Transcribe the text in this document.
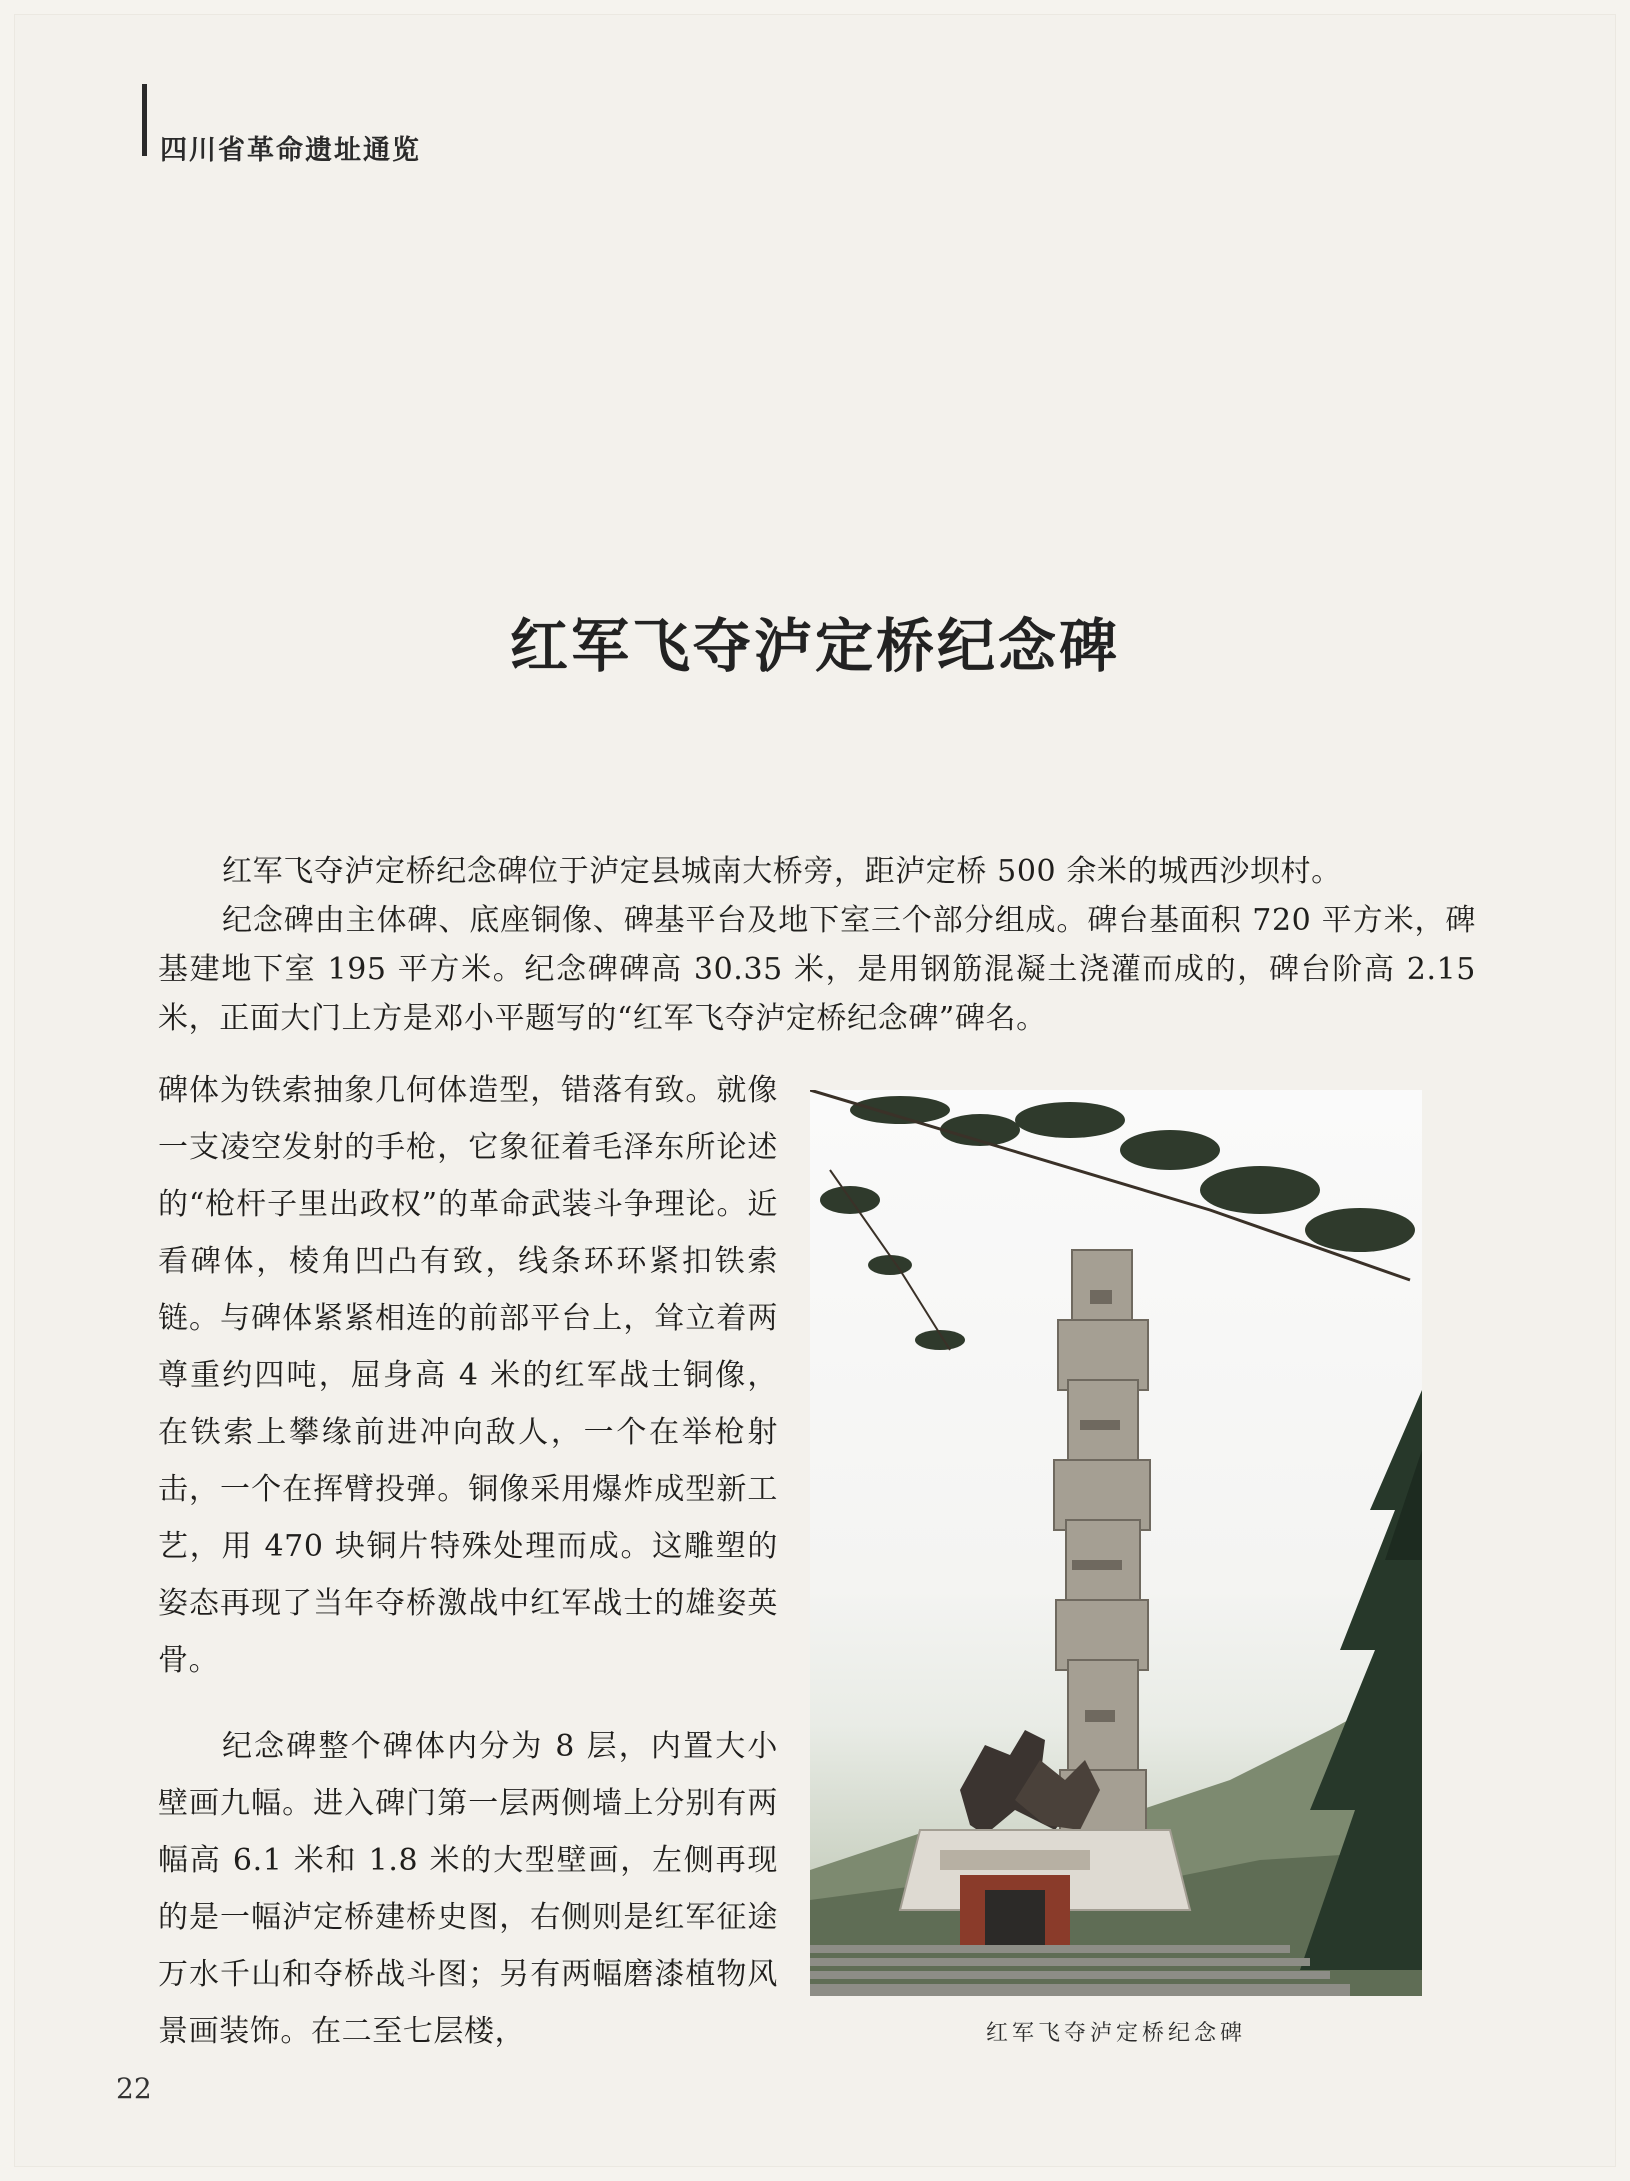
四川省革命遗址通览
红军飞夺泸定桥纪念碑

红军飞夺泸定桥纪念碑位于泸定县城南大桥旁，距泸定桥 500 余米的城西沙坝村。

纪念碑由主体碑、底座铜像、碑基平台及地下室三个部分组成。碑台基面积 720 平方米，碑基建地下室 195 平方米。纪念碑碑高 30.35 米，是用钢筋混凝土浇灌而成的，碑台阶高 2.15 米，正面大门上方是邓小平题写的“红军飞夺泸定桥纪念碑”碑名。

碑体为铁索抽象几何体造型，错落有致。就像一支凌空发射的手枪，它象征着毛泽东所论述的“枪杆子里出政权”的革命武装斗争理论。近看碑体，棱角凹凸有致，线条环环紧扣铁索链。与碑体紧紧相连的前部平台上，耸立着两尊重约四吨，屈身高 4 米的红军战士铜像，在铁索上攀缘前进冲向敌人，一个在举枪射击，一个在挥臂投弹。铜像采用爆炸成型新工艺，用 470 块铜片特殊处理而成。这雕塑的姿态再现了当年夺桥激战中红军战士的雄姿英骨。

纪念碑整个碑体内分为 8 层，内置大小壁画九幅。进入碑门第一层两侧墙上分别有两幅高 6.1 米和 1.8 米的大型壁画，左侧再现的是一幅泸定桥建桥史图，右侧则是红军征途万水千山和夺桥战斗图；另有两幅磨漆植物风景画装饰。在二至七层楼，	红军飞夺泸定桥纪念碑
22
